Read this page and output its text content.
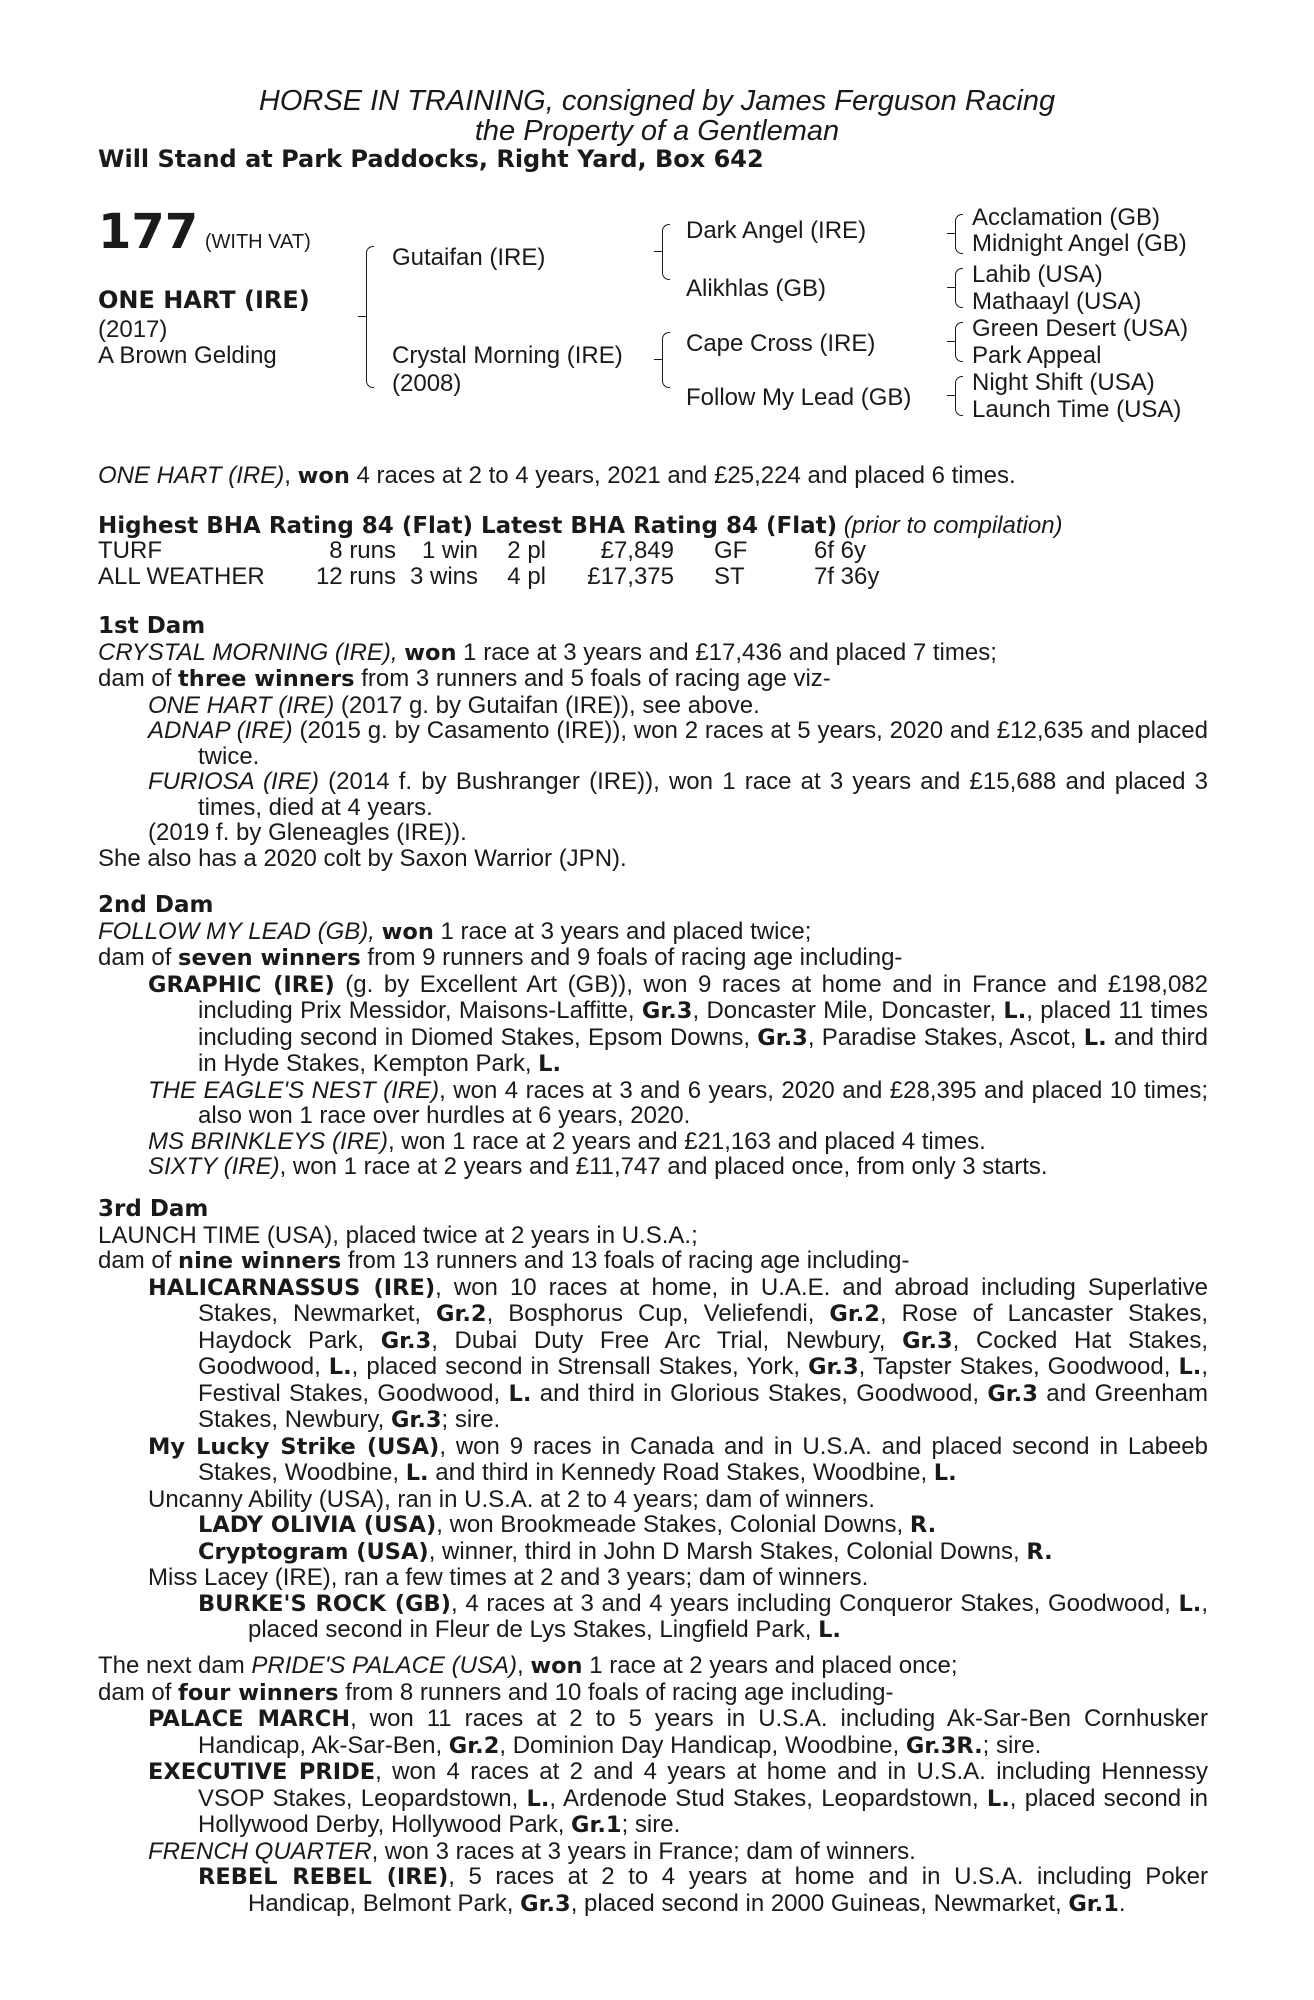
HORSE IN TRAINING, consigned by James Ferguson Racing
the Property of a Gentleman
Will Stand at Park Paddocks, Right Yard, Box 642
177 (WITH VAT)
ONE HART (IRE)
(2017)
A Brown Gelding
Gutaifan (IRE)
Crystal Morning (IRE)
(2008)
Dark Angel (IRE)
Alikhlas (GB)
Cape Cross (IRE)
Follow My Lead (GB)
Acclamation (GB)
Midnight Angel (GB)
Lahib (USA)
Mathaayl (USA)
Green Desert (USA)
Park Appeal
Night Shift (USA)
Launch Time (USA)

ONE HART (IRE), won 4 races at 2 to 4 years, 2021 and £25,224 and placed 6 times.

Highest BHA Rating 84 (Flat) Latest BHA Rating 84 (Flat) (prior to compilation)

TURF	8 runs	1 win	2 pl	£7,849		GF	6f 6y
ALL WEATHER	12 runs	3 wins	4 pl	£17,375		ST	7f 36y

1st Dam

CRYSTAL MORNING (IRE), won 1 race at 3 years and £17,436 and placed 7 times;

dam of three winners from 3 runners and 5 foals of racing age viz-

ONE HART (IRE) (2017 g. by Gutaifan (IRE)), see above.

ADNAP (IRE) (2015 g. by Casamento (IRE)), won 2 races at 5 years, 2020 and £12,635 and placed twice.

FURIOSA (IRE) (2014 f. by Bushranger (IRE)), won 1 race at 3 years and £15,688 and placed 3 times, died at 4 years.

(2019 f. by Gleneagles (IRE)).

She also has a 2020 colt by Saxon Warrior (JPN).

2nd Dam

FOLLOW MY LEAD (GB), won 1 race at 3 years and placed twice;

dam of seven winners from 9 runners and 9 foals of racing age including-

GRAPHIC (IRE) (g. by Excellent Art (GB)), won 9 races at home and in France and £198,082 including Prix Messidor, Maisons-Laffitte, Gr.3, Doncaster Mile, Doncaster, L., placed 11 times including second in Diomed Stakes, Epsom Downs, Gr.3, Paradise Stakes, Ascot, L. and third in Hyde Stakes, Kempton Park, L.

THE EAGLE'S NEST (IRE), won 4 races at 3 and 6 years, 2020 and £28,395 and placed 10 times; also won 1 race over hurdles at 6 years, 2020.

MS BRINKLEYS (IRE), won 1 race at 2 years and £21,163 and placed 4 times.

SIXTY (IRE), won 1 race at 2 years and £11,747 and placed once, from only 3 starts.

3rd Dam

LAUNCH TIME (USA), placed twice at 2 years in U.S.A.;

dam of nine winners from 13 runners and 13 foals of racing age including-

HALICARNASSUS (IRE), won 10 races at home, in U.A.E. and abroad including Superlative Stakes, Newmarket, Gr.2, Bosphorus Cup, Veliefendi, Gr.2, Rose of Lancaster Stakes, Haydock Park, Gr.3, Dubai Duty Free Arc Trial, Newbury, Gr.3, Cocked Hat Stakes, Goodwood, L., placed second in Strensall Stakes, York, Gr.3, Tapster Stakes, Goodwood, L., Festival Stakes, Goodwood, L. and third in Glorious Stakes, Goodwood, Gr.3 and Greenham Stakes, Newbury, Gr.3; sire.

My Lucky Strike (USA), won 9 races in Canada and in U.S.A. and placed second in Labeeb Stakes, Woodbine, L. and third in Kennedy Road Stakes, Woodbine, L.

Uncanny Ability (USA), ran in U.S.A. at 2 to 4 years; dam of winners.

LADY OLIVIA (USA), won Brookmeade Stakes, Colonial Downs, R.

Cryptogram (USA), winner, third in John D Marsh Stakes, Colonial Downs, R.

Miss Lacey (IRE), ran a few times at 2 and 3 years; dam of winners.

BURKE'S ROCK (GB), 4 races at 3 and 4 years including Conqueror Stakes, Goodwood, L., placed second in Fleur de Lys Stakes, Lingfield Park, L.

The next dam PRIDE'S PALACE (USA), won 1 race at 2 years and placed once;

dam of four winners from 8 runners and 10 foals of racing age including-

PALACE MARCH, won 11 races at 2 to 5 years in U.S.A. including Ak-Sar-Ben Cornhusker Handicap, Ak-Sar-Ben, Gr.2, Dominion Day Handicap, Woodbine, Gr.3R.; sire.

EXECUTIVE PRIDE, won 4 races at 2 and 4 years at home and in U.S.A. including Hennessy VSOP Stakes, Leopardstown, L., Ardenode Stud Stakes, Leopardstown, L., placed second in Hollywood Derby, Hollywood Park, Gr.1; sire.

FRENCH QUARTER, won 3 races at 3 years in France; dam of winners.

REBEL REBEL (IRE), 5 races at 2 to 4 years at home and in U.S.A. including Poker Handicap, Belmont Park, Gr.3, placed second in 2000 Guineas, Newmarket, Gr.1.
